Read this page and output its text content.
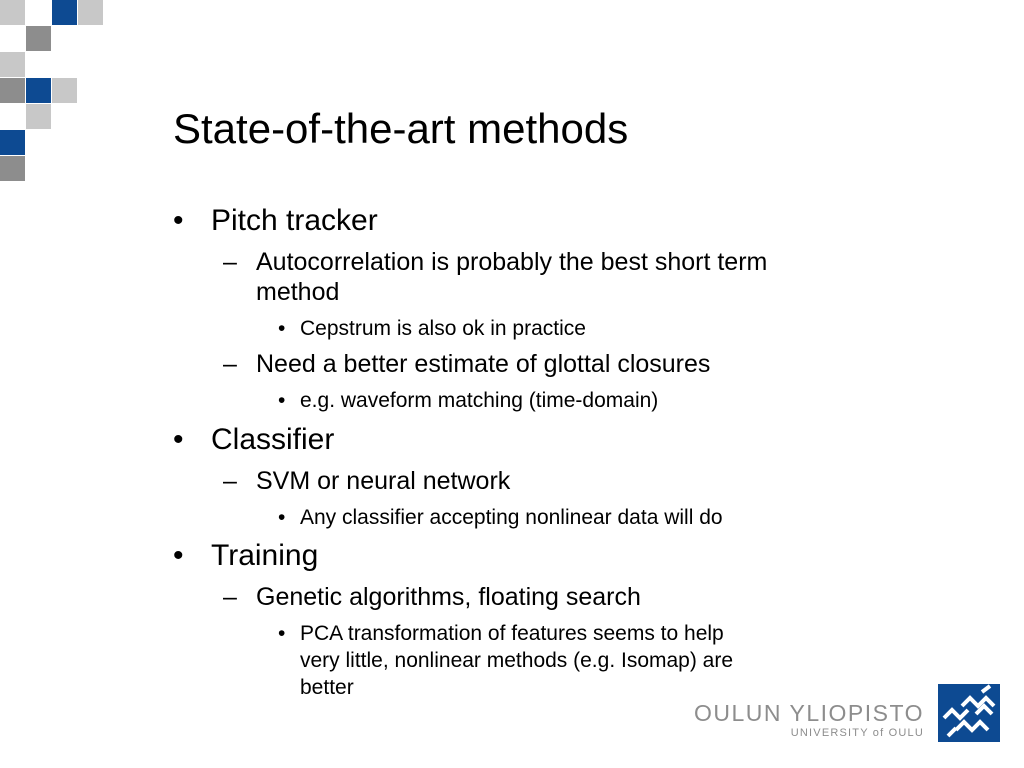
State-of-the-art methods
• Pitch tracker
– Autocorrelation is probably the best short term
method
• Cepstrum is also ok in practice
– Need a better estimate of glottal closures
• e.g. waveform matching (time-domain)
• Classifier
– SVM or neural network
• Any classifier accepting nonlinear data will do
• Training
– Genetic algorithms, floating search
• PCA transformation of features seems to help
very little, nonlinear methods (e.g. Isomap) are
better
OULUN YLIOPISTO
UNIVERSITY of OULU
